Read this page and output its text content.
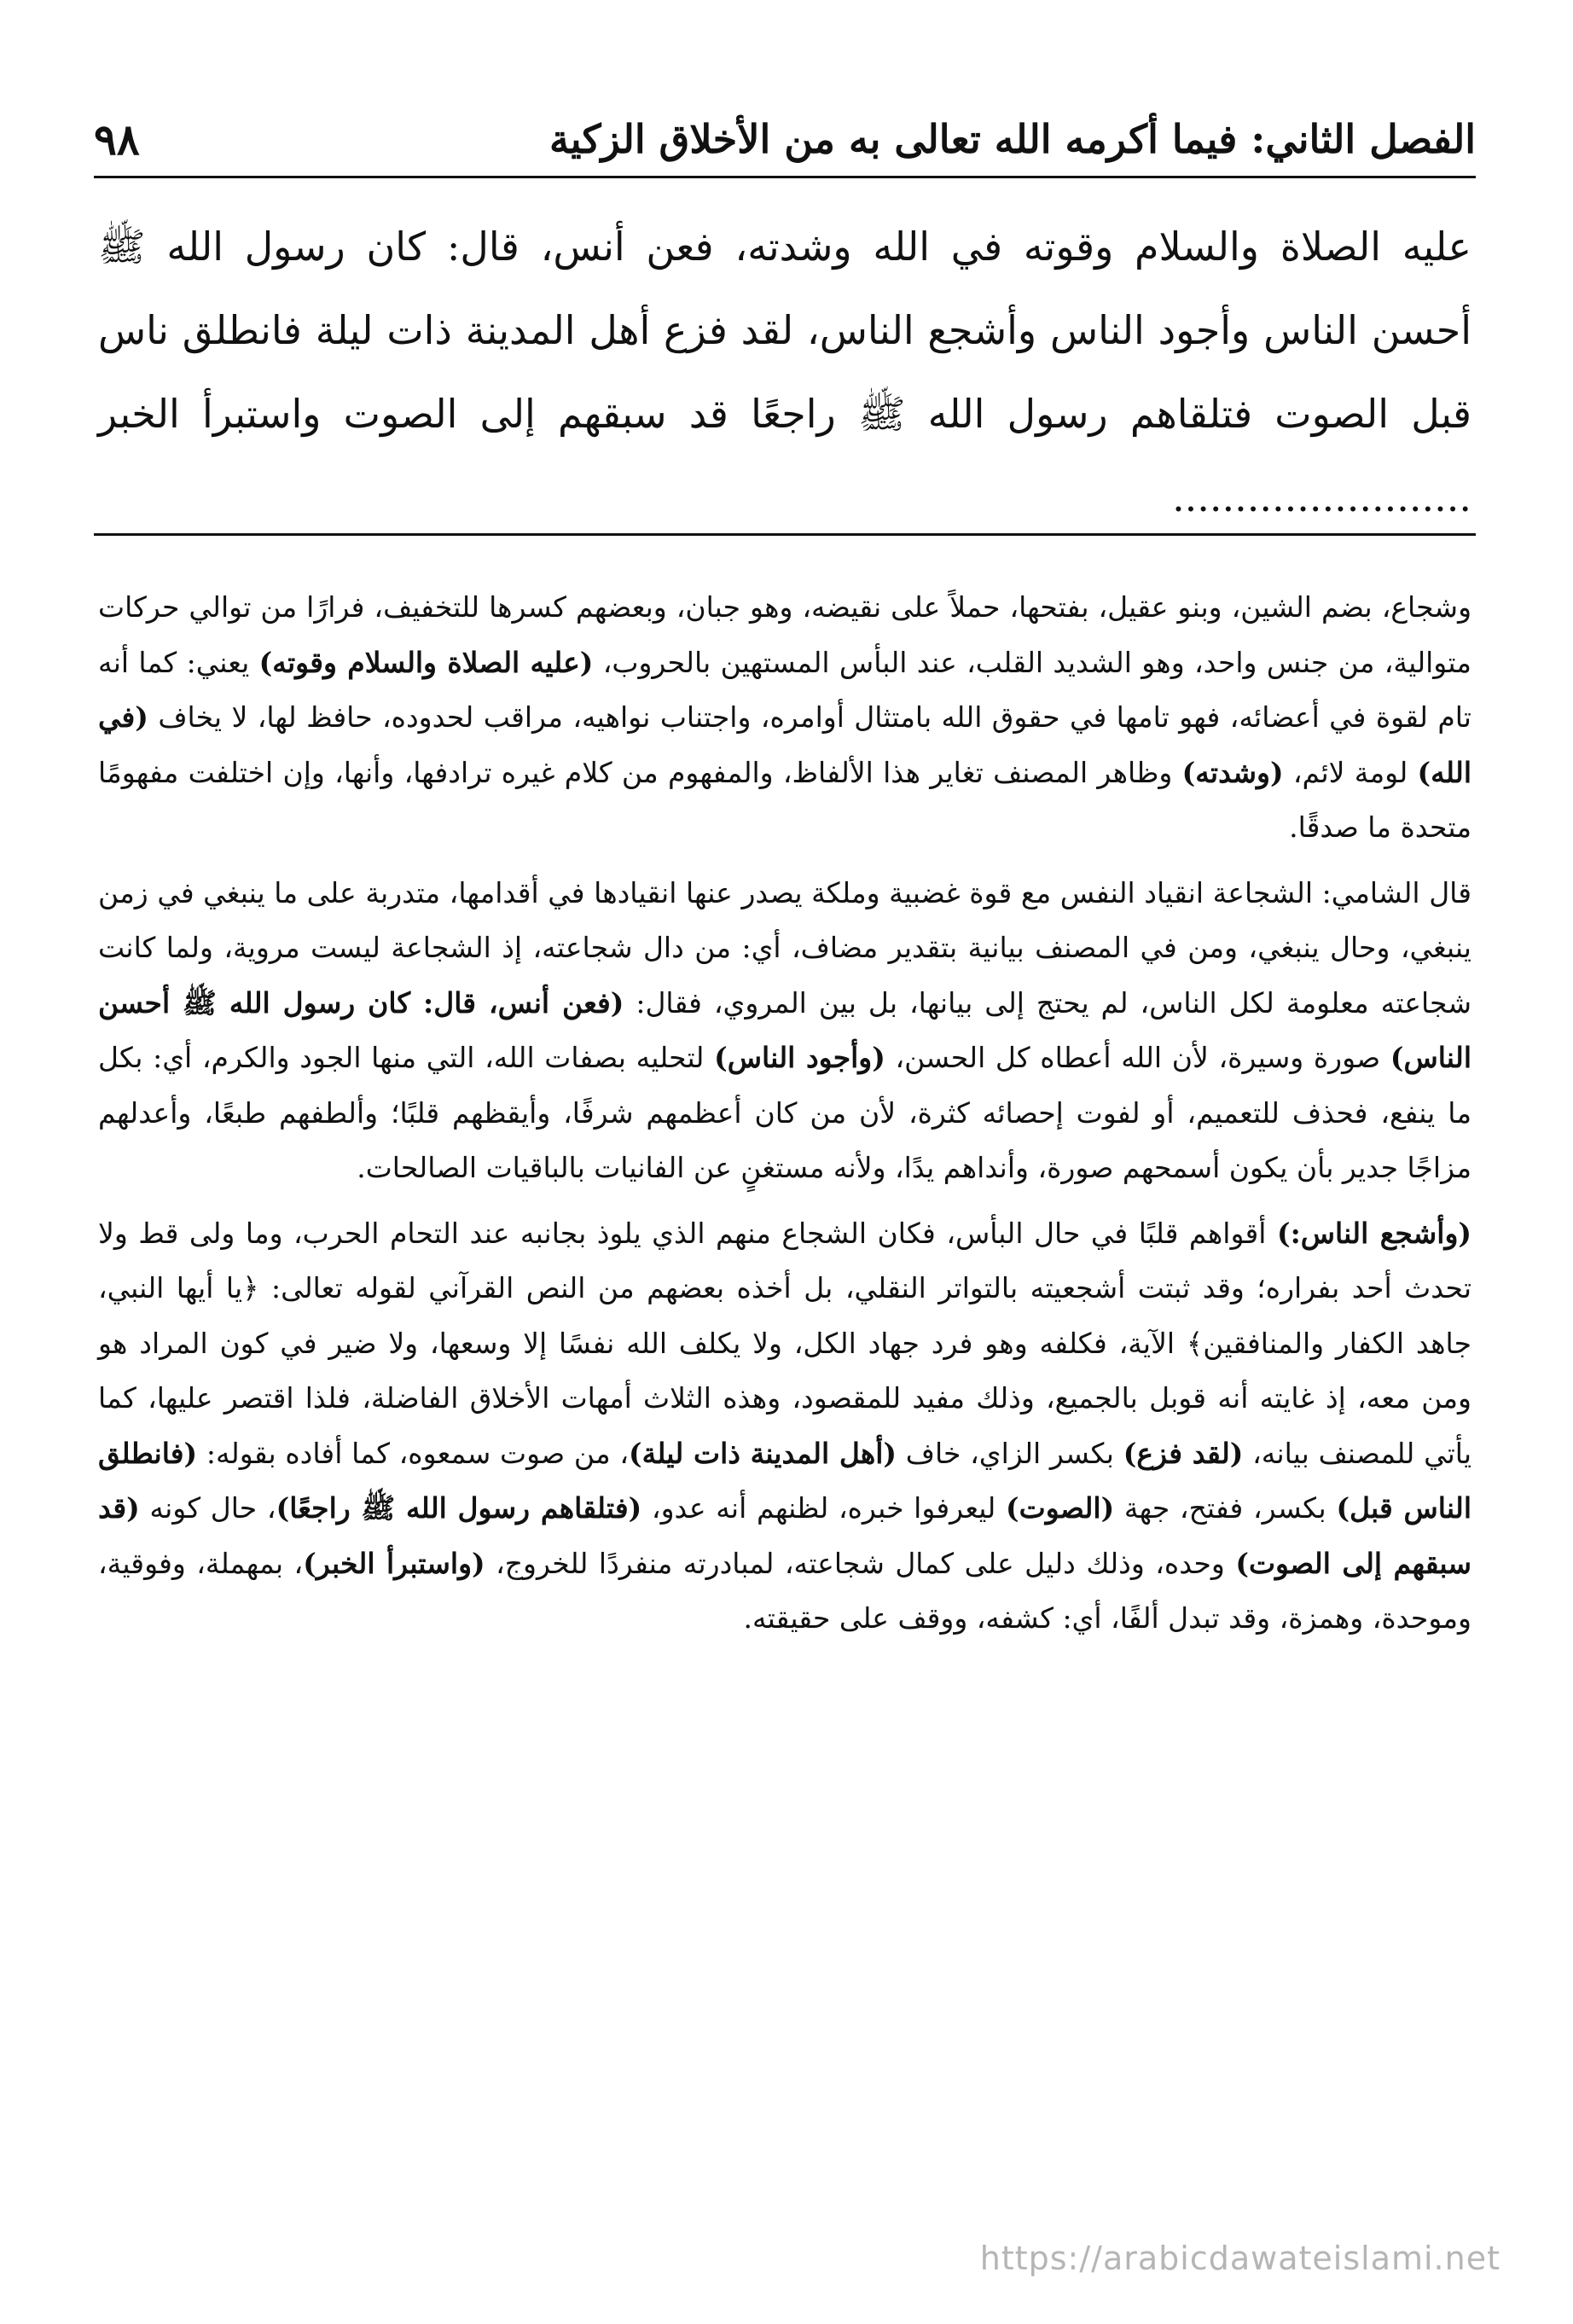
٩٨	الفصل الثاني: فيما أكرمه الله تعالى به من الأخلاق الزكية
عليه الصلاة والسلام وقوته في الله وشدته، فعن أنس، قال: كان رسول الله ﷺ أحسن الناس وأجود الناس وأشجع الناس، لقد فزع أهل المدينة ذات ليلة فانطلق ناس قبل الصوت فتلقاهم رسول الله ﷺ راجعًا قد سبقهم إلى الصوت واستبرأ الخبر ........................

وشجاع، بضم الشين، وبنو عقيل، بفتحها، حملاً على نقيضه، وهو جبان، وبعضهم كسرها للتخفيف، فرارًا من توالي حركات متوالية، من جنس واحد، وهو الشديد القلب، عند البأس المستهين بالحروب، (عليه الصلاة والسلام وقوته) يعني: كما أنه تام لقوة في أعضائه، فهو تامها في حقوق الله بامتثال أوامره، واجتناب نواهيه، مراقب لحدوده، حافظ لها، لا يخاف (في الله) لومة لائم، (وشدته) وظاهر المصنف تغاير هذا الألفاظ، والمفهوم من كلام غيره ترادفها، وأنها، وإن اختلفت مفهومًا متحدة ما صدقًا.

قال الشامي: الشجاعة انقياد النفس مع قوة غضبية وملكة يصدر عنها انقيادها في أقدامها، متدربة على ما ينبغي في زمن ينبغي، وحال ينبغي، ومن في المصنف بيانية بتقدير مضاف، أي: من دال شجاعته، إذ الشجاعة ليست مروية، ولما كانت شجاعته معلومة لكل الناس، لم يحتج إلى بيانها، بل بين المروي، فقال: (فعن أنس، قال: كان رسول الله ﷺ أحسن الناس) صورة وسيرة، لأن الله أعطاه كل الحسن، (وأجود الناس) لتحليه بصفات الله، التي منها الجود والكرم، أي: بكل ما ينفع، فحذف للتعميم، أو لفوت إحصائه كثرة، لأن من كان أعظمهم شرفًا، وأيقظهم قلبًا؛ وألطفهم طبعًا، وأعدلهم مزاجًا جدير بأن يكون أسمحهم صورة، وأنداهم يدًا، ولأنه مستغنٍ عن الفانيات بالباقيات الصالحات.

(وأشجع الناس:) أقواهم قلبًا في حال البأس، فكان الشجاع منهم الذي يلوذ بجانبه عند التحام الحرب، وما ولى قط ولا تحدث أحد بفراره؛ وقد ثبتت أشجعيته بالتواتر النقلي، بل أخذه بعضهم من النص القرآني لقوله تعالى: ﴿يا أيها النبي، جاهد الكفار والمنافقين﴾ الآية، فكلفه وهو فرد جهاد الكل، ولا يكلف الله نفسًا إلا وسعها، ولا ضير في كون المراد هو ومن معه، إذ غايته أنه قوبل بالجميع، وذلك مفيد للمقصود، وهذه الثلاث أمهات الأخلاق الفاضلة، فلذا اقتصر عليها، كما يأتي للمصنف بيانه، (لقد فزع) بكسر الزاي، خاف (أهل المدينة ذات ليلة)، من صوت سمعوه، كما أفاده بقوله: (فانطلق الناس قبل) بكسر، ففتح، جهة (الصوت) ليعرفوا خبره، لظنهم أنه عدو، (فتلقاهم رسول الله ﷺ راجعًا)، حال كونه (قد سبقهم إلى الصوت) وحده، وذلك دليل على كمال شجاعته، لمبادرته منفردًا للخروج، (واستبرأ الخبر)، بمهملة، وفوقية، وموحدة، وهمزة، وقد تبدل ألفًا، أي: كشفه، ووقف على حقيقته.

https://arabicdawateislami.net
